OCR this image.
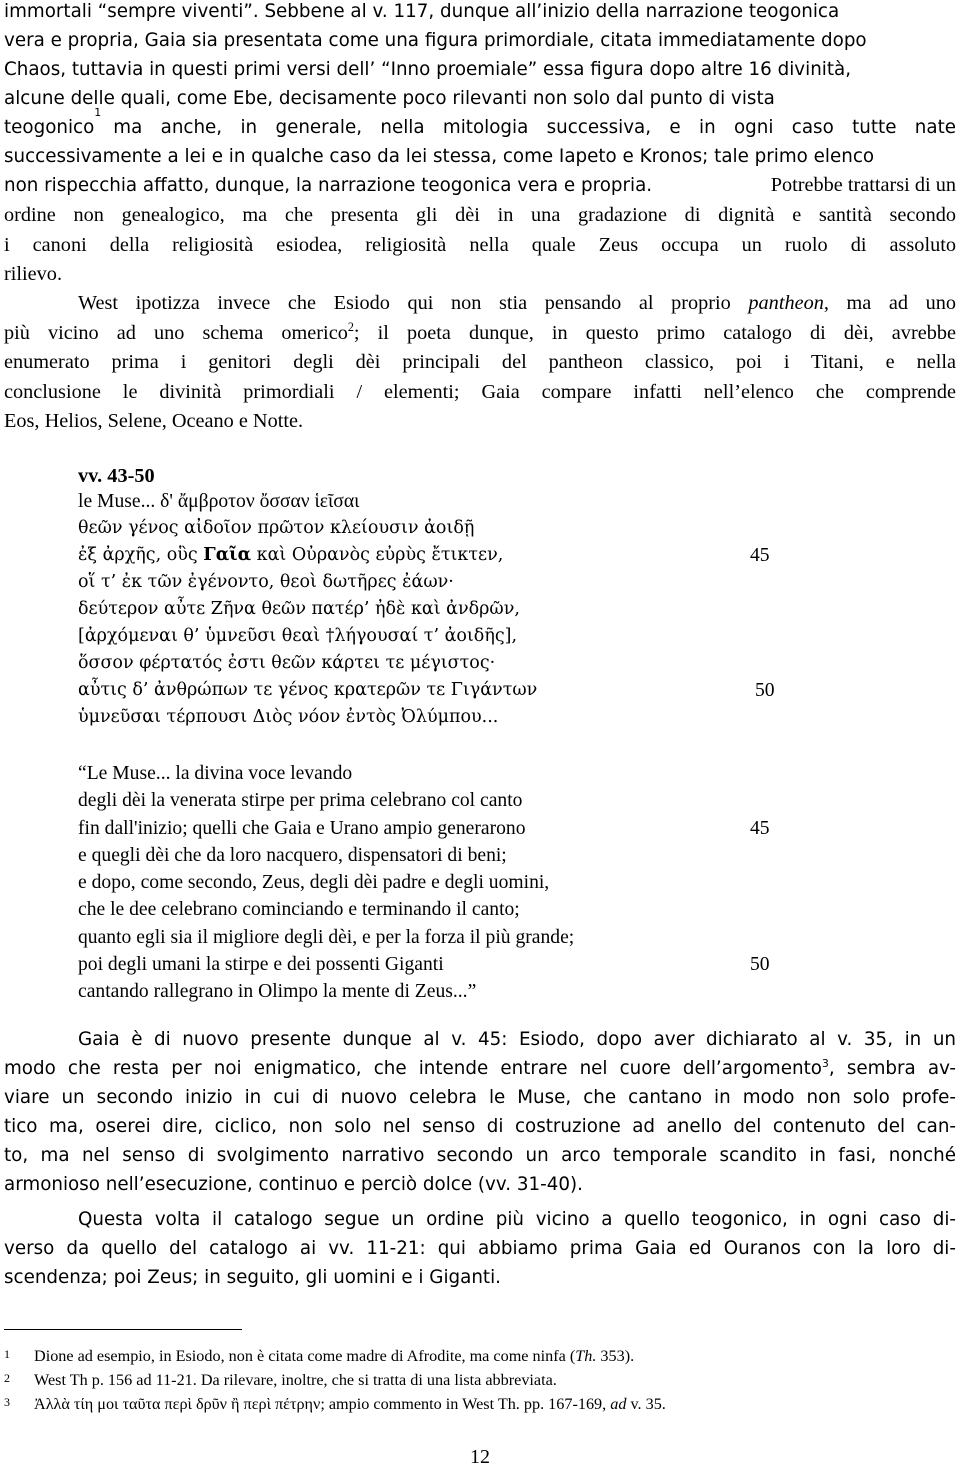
immortali “sempre viventi”. Sebbene al v. 117, dunque all’inizio della narrazione teogonica
vera e propria, Gaia sia presentata come una figura primordiale, citata immediatamente dopo
Chaos, tuttavia in questi primi versi dell’ “Inno proemiale” essa figura dopo altre 16 divinità,
alcune delle quali, come Ebe, decisamente poco rilevanti non solo dal punto di vista
teogonico
1
ma anche, in generale, nella mitologia successiva, e in ogni caso tutte nate
successivamente a lei e in qualche caso da lei stessa, come Iapeto e Kronos; tale primo elenco
non rispecchia affatto, dunque, la narrazione teogonica vera e propria.	Potrebbe trattarsi di un
ordine non genealogico, ma che presenta gli dèi in una gradazione di dignità e santità secondo
i canoni della religiosità esiodea, religiosità nella quale Zeus occupa un ruolo di assoluto
rilievo.
West ipotizza invece che Esiodo qui non stia pensando al proprio pantheon, ma ad uno
più vicino ad uno schema omerico$^2$; il poeta dunque, in questo primo catalogo di dèi, avrebbe
enumerato prima i genitori degli dèi principali del pantheon classico, poi i Titani, e nella
conclusione le divinità primordiali / elementi; Gaia compare infatti nell’elenco che comprende
Eos, Helios, Selene, Oceano e Notte.
vv. 43-50
le Muse... δ' ἄμβροτον ὄσσαν ἱεῖσαι
θεῶν γένος αἰδοῖον πρῶτον κλείουσιν ἀοιδῇ
ἐξ ἀρχῆς, οὓς Γαῖα καὶ Οὐρανὸς εὐρὺς ἔτικτεν,	45
οἵ τ’ ἐκ τῶν ἐγένοντο, θεοὶ δωτῆρες ἐάων·
δεύτερον αὖτε Ζῆνα θεῶν πατέρ’ ἠδὲ καὶ ἀνδρῶν,
[ἀρχόμεναι θ’ ὑμνεῦσι θεαὶ †λήγουσαί τ’ ἀοιδῆς],
ὅσσον φέρτατός ἐστι θεῶν κάρτει τε μέγιστος·
αὖτις δ’ ἀνθρώπων τε γένος κρατερῶν τε Γιγάντων	50
ὑμνεῦσαι τέρπουσι Διὸς νόον ἐντὸς Ὀλύμπου...
“Le Muse... la divina voce levando
degli dèi la venerata stirpe per prima celebrano col canto
fin dall'inizio; quelli che Gaia e Urano ampio generarono	45
e quegli dèi che da loro nacquero, dispensatori di beni;
e dopo, come secondo, Zeus, degli dèi padre e degli uomini,
che le dee celebrano cominciando e terminando il canto;
quanto egli sia il migliore degli dèi, e per la forza il più grande;
poi degli umani la stirpe e dei possenti Giganti	50
cantando rallegrano in Olimpo la mente di Zeus...”
Gaia è di nuovo presente dunque al v. 45: Esiodo, dopo aver dichiarato al v. 35, in un
modo che resta per noi enigmatico, che intende entrare nel cuore dell’argomento$^3$, sembra av-
viare un secondo inizio in cui di nuovo celebra le Muse, che cantano in modo non solo profe-
tico ma, oserei dire, ciclico, non solo nel senso di costruzione ad anello del contenuto del can-
to, ma nel senso di svolgimento narrativo secondo un arco temporale scandito in fasi, nonché
armonioso nell’esecuzione, continuo e perciò dolce (vv. 31-40).
Questa volta il catalogo segue un ordine più vicino a quello teogonico, in ogni caso di-
verso da quello del catalogo ai vv. 11-21: qui abbiamo prima Gaia ed Ouranos con la loro di-
scendenza; poi Zeus; in seguito, gli uomini e i Giganti.
1 Dione ad esempio, in Esiodo, non è citata come madre di Afrodite, ma come ninfa (Th. 353).
2 West Th p. 156 ad 11-21. Da rilevare, inoltre, che si tratta di una lista abbreviata.
3 Ἀλλὰ τίη μοι ταῦτα περὶ δρῦν ἢ περὶ πέτρην; ampio commento in West Th. pp. 167-169, ad v. 35.
12
